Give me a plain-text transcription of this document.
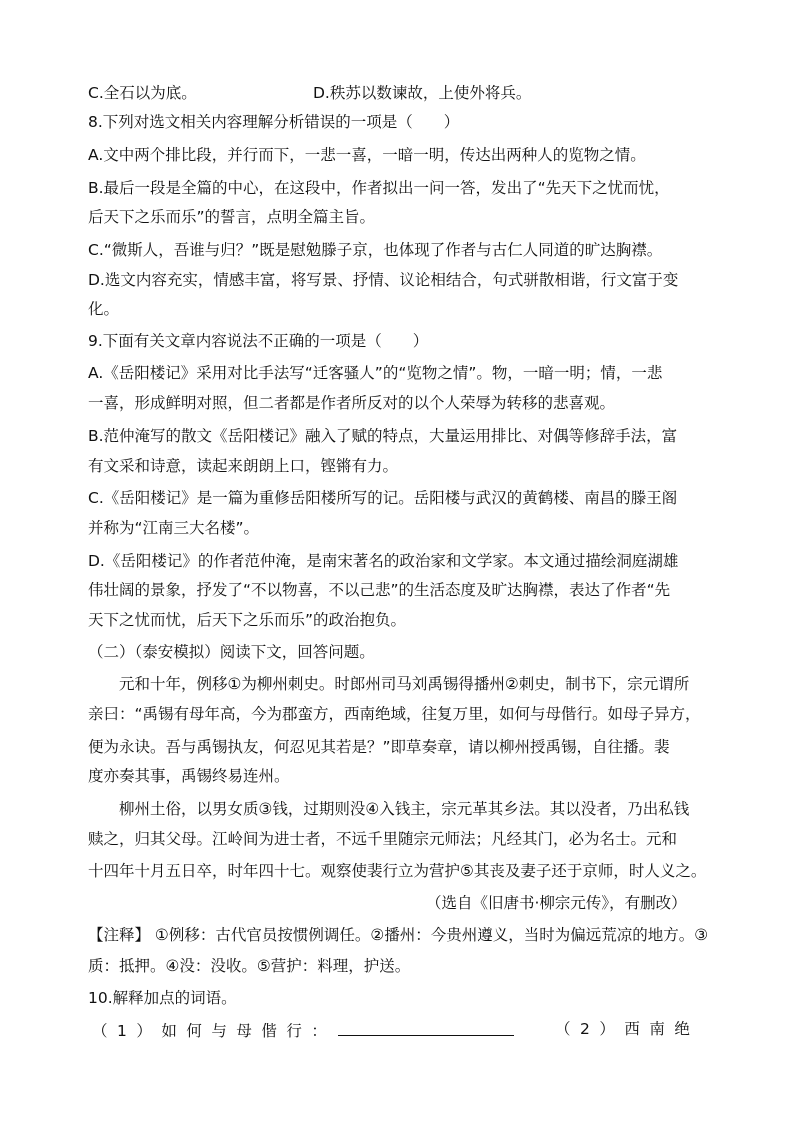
C.全石以为底。	D.秩苏以数谏故，上使外将兵。
8.下列对选文相关内容理解分析错误的一项是（　　）
A.文中两个排比段，并行而下，一悲一喜，一暗一明，传达出两种人的览物之情。
B.最后一段是全篇的中心，在这段中，作者拟出一问一答，发出了“先天下之忧而忧，
后天下之乐而乐”的誓言，点明全篇主旨。
C.“微斯人，吾谁与归？”既是慰勉滕子京，也体现了作者与古仁人同道的旷达胸襟。
D.选文内容充实，情感丰富，将写景、抒情、议论相结合，句式骈散相谐，行文富于变
化。
9.下面有关文章内容说法不正确的一项是（　　）
A.《岳阳楼记》采用对比手法写“迁客骚人”的“览物之情”。物，一暗一明；情，一悲
一喜，形成鲜明对照，但二者都是作者所反对的以个人荣辱为转移的悲喜观。
B.范仲淹写的散文《岳阳楼记》融入了赋的特点，大量运用排比、对偶等修辞手法，富
有文采和诗意，读起来朗朗上口，铿锵有力。
C.《岳阳楼记》是一篇为重修岳阳楼所写的记。岳阳楼与武汉的黄鹤楼、南昌的滕王阁
并称为“江南三大名楼”。
D.《岳阳楼记》的作者范仲淹，是南宋著名的政治家和文学家。本文通过描绘洞庭湖雄
伟壮阔的景象，抒发了“不以物喜，不以己悲”的生活态度及旷达胸襟，表达了作者“先
天下之忧而忧，后天下之乐而乐”的政治抱负。
（二）（泰安模拟）阅读下文，回答问题。
元和十年，例移①为柳州刺史。时郎州司马刘禹锡得播州②刺史，制书下，宗元谓所
亲曰：“禹锡有母年高，今为郡蛮方，西南绝域，往复万里，如何与母偕行。如母子异方，
便为永诀。吾与禹锡执友，何忍见其若是？”即草奏章，请以柳州授禹锡，自往播。裴
度亦奏其事，禹锡终易连州。
柳州土俗，以男女质③钱，过期则没④入钱主，宗元革其乡法。其以没者，乃出私钱
赎之，归其父母。江岭间为进士者，不远千里随宗元师法；凡经其门，必为名士。元和
十四年十月五日卒，时年四十七。观察使裴行立为营护⑤其丧及妻子还于京师，时人义之。
（选自《旧唐书·柳宗元传》，有删改）
【注释】 ①例移：古代官员按惯例调任。②播州：今贵州遵义，当时为偏远荒凉的地方。③
质：抵押。④没：没收。⑤营护：料理，护送。
10.解释加点的词语。
（1）如何与母偕行：	（2）西南绝
